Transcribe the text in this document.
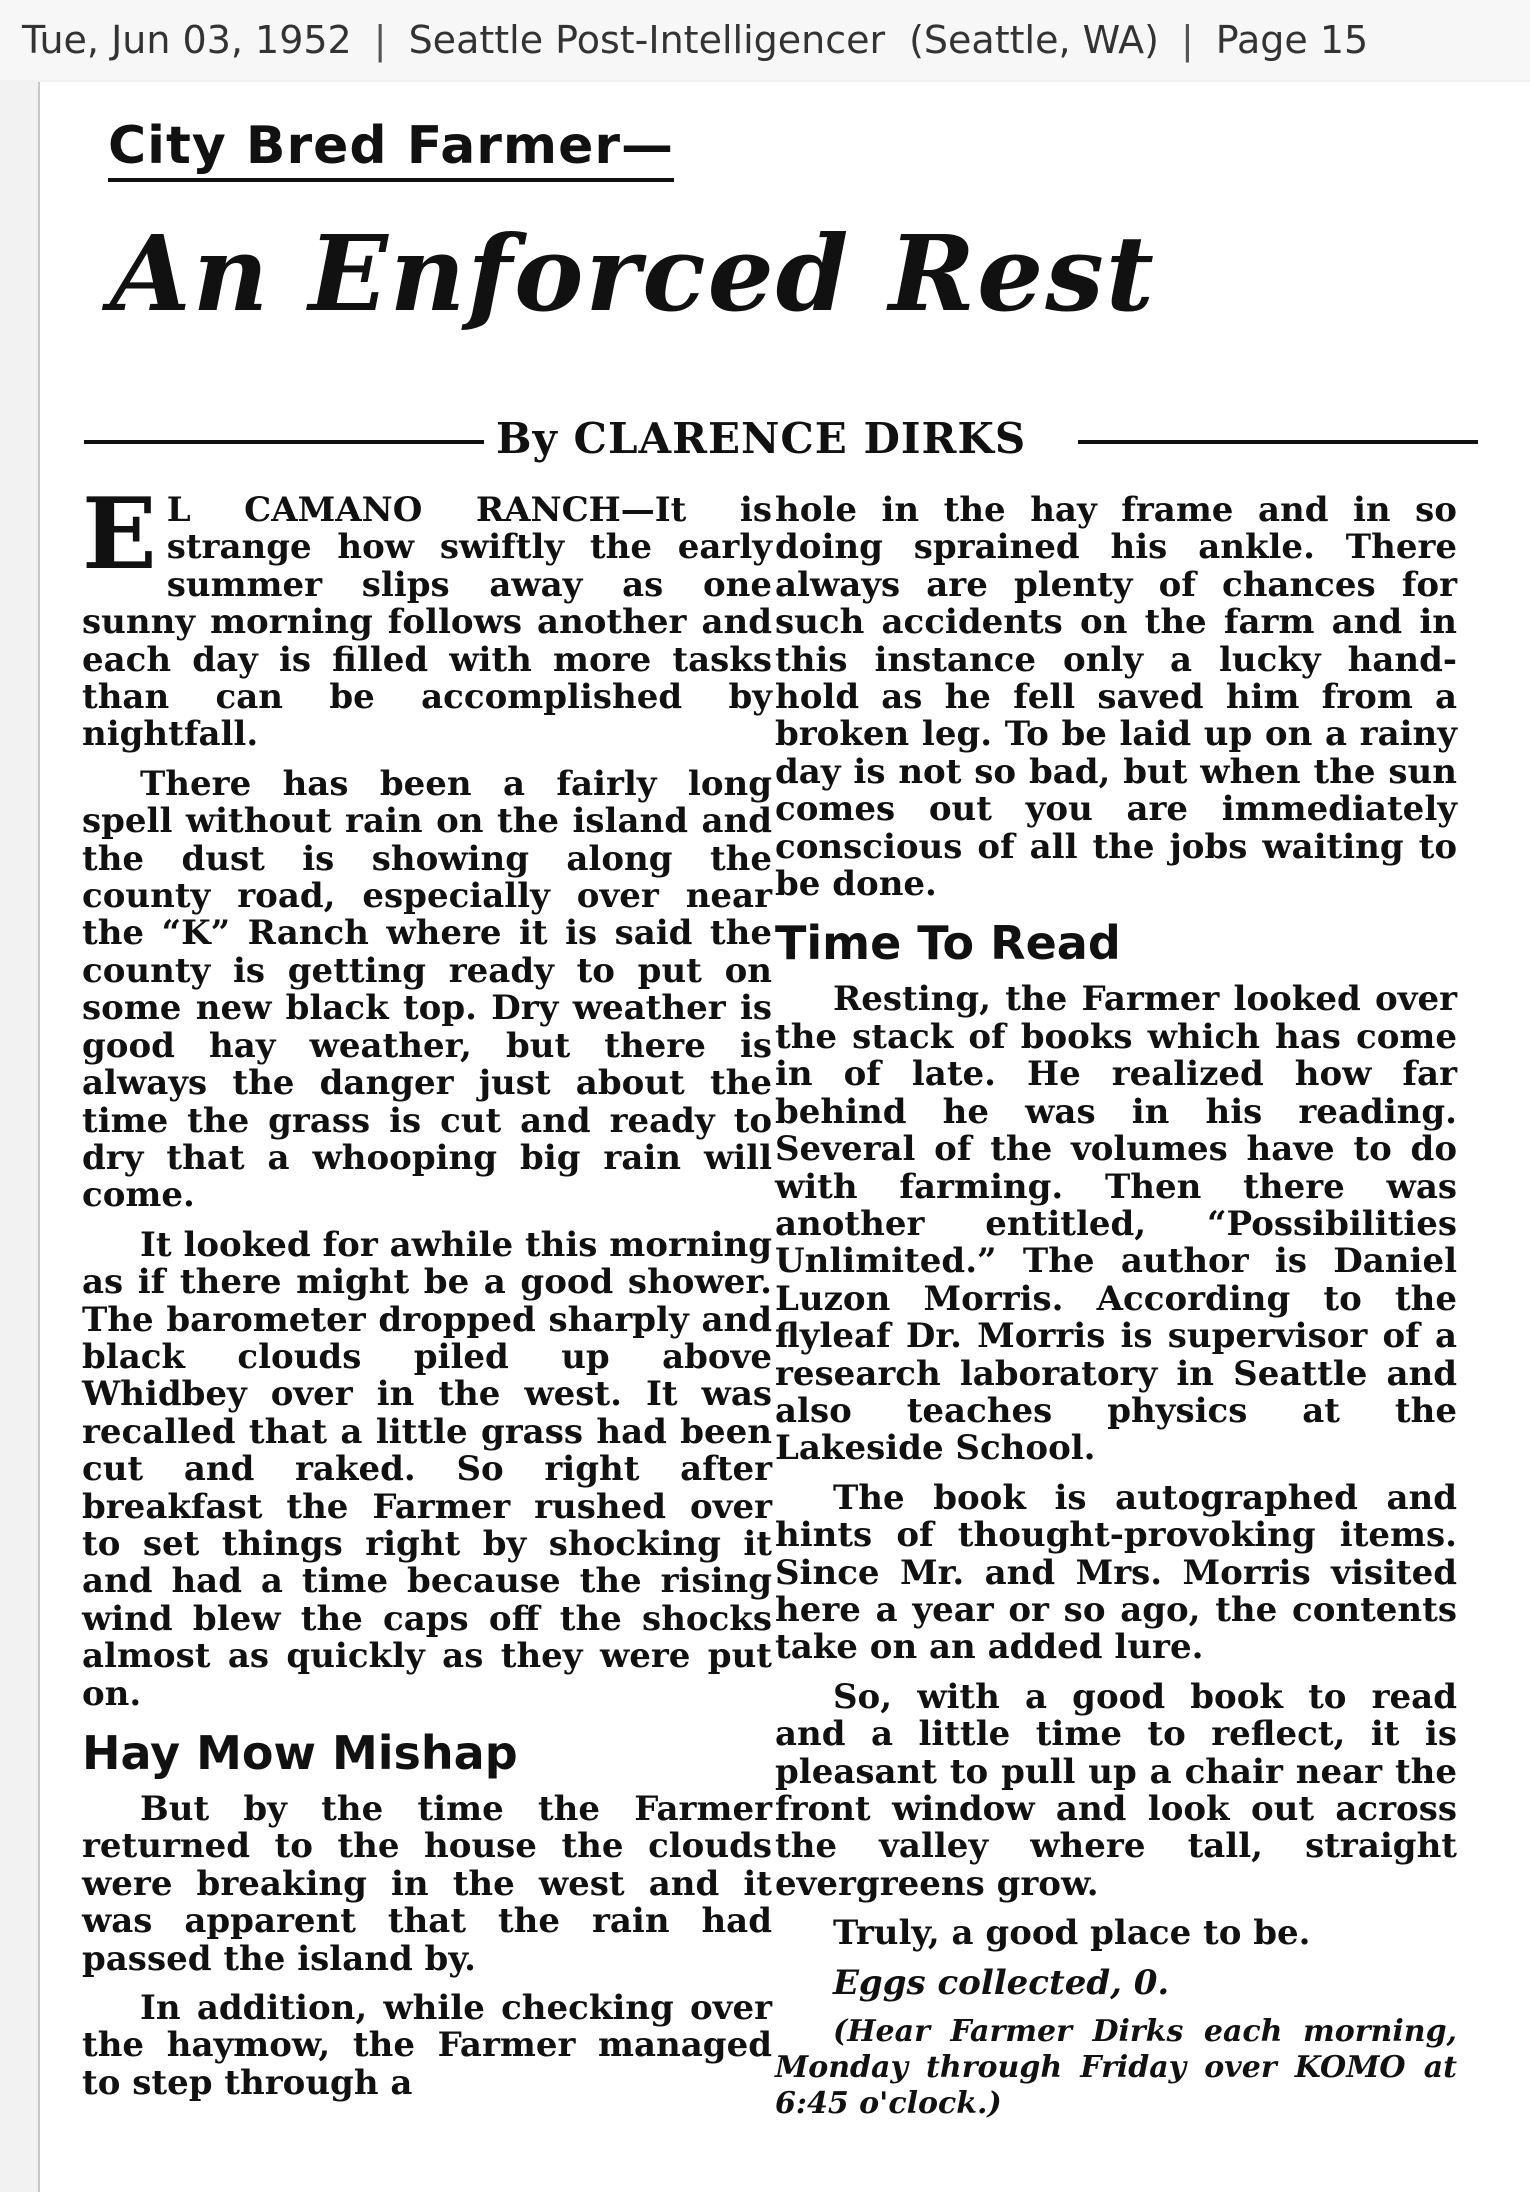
Tue, Jun 03, 1952 | Seattle Post-Intelligencer (Seattle, WA) | Page 15
City Bred Farmer—
An Enforced Rest
By CLARENCE DIRKS

E L CAMANO RANCH—It is strange how swiftly the early summer slips away as one sunny morning follows another and each day is filled with more tasks than can be accomplished by nightfall.

There has been a fairly long spell without rain on the island and the dust is showing along the county road, especially over near the “K” Ranch where it is said the county is getting ready to put on some new black top. Dry weather is good hay weather, but there is always the danger just about the time the grass is cut and ready to dry that a whooping big rain will come.

It looked for awhile this morning as if there might be a good shower. The barometer dropped sharply and black clouds piled up above Whidbey over in the west. It was recalled that a little grass had been cut and raked. So right after breakfast the Farmer rushed over to set things right by shocking it and had a time because the rising wind blew the caps off the shocks almost as quickly as they were put on.

Hay Mow Mishap

But by the time the Farmer returned to the house the clouds were breaking in the west and it was apparent that the rain had passed the island by.

In addition, while checking over the haymow, the Farmer managed to step through a

hole in the hay frame and in so doing sprained his ankle. There always are plenty of chances for such accidents on the farm and in this instance only a lucky hand-hold as he fell saved him from a broken leg. To be laid up on a rainy day is not so bad, but when the sun comes out you are immediately conscious of all the jobs waiting to be done.

Time To Read

Resting, the Farmer looked over the stack of books which has come in of late. He realized how far behind he was in his reading. Several of the volumes have to do with farming. Then there was another entitled, “Possibilities Unlimited.” The author is Daniel Luzon Morris. According to the flyleaf Dr. Morris is supervisor of a research laboratory in Seattle and also teaches physics at the Lakeside School.

The book is autographed and hints of thought-provoking items. Since Mr. and Mrs. Morris visited here a year or so ago, the contents take on an added lure.

So, with a good book to read and a little time to reflect, it is pleasant to pull up a chair near the front window and look out across the valley where tall, straight evergreens grow.

Truly, a good place to be.

Eggs collected, 0.

(Hear Farmer Dirks each morning, Monday through Friday over KOMO at 6:45 o'clock.)
